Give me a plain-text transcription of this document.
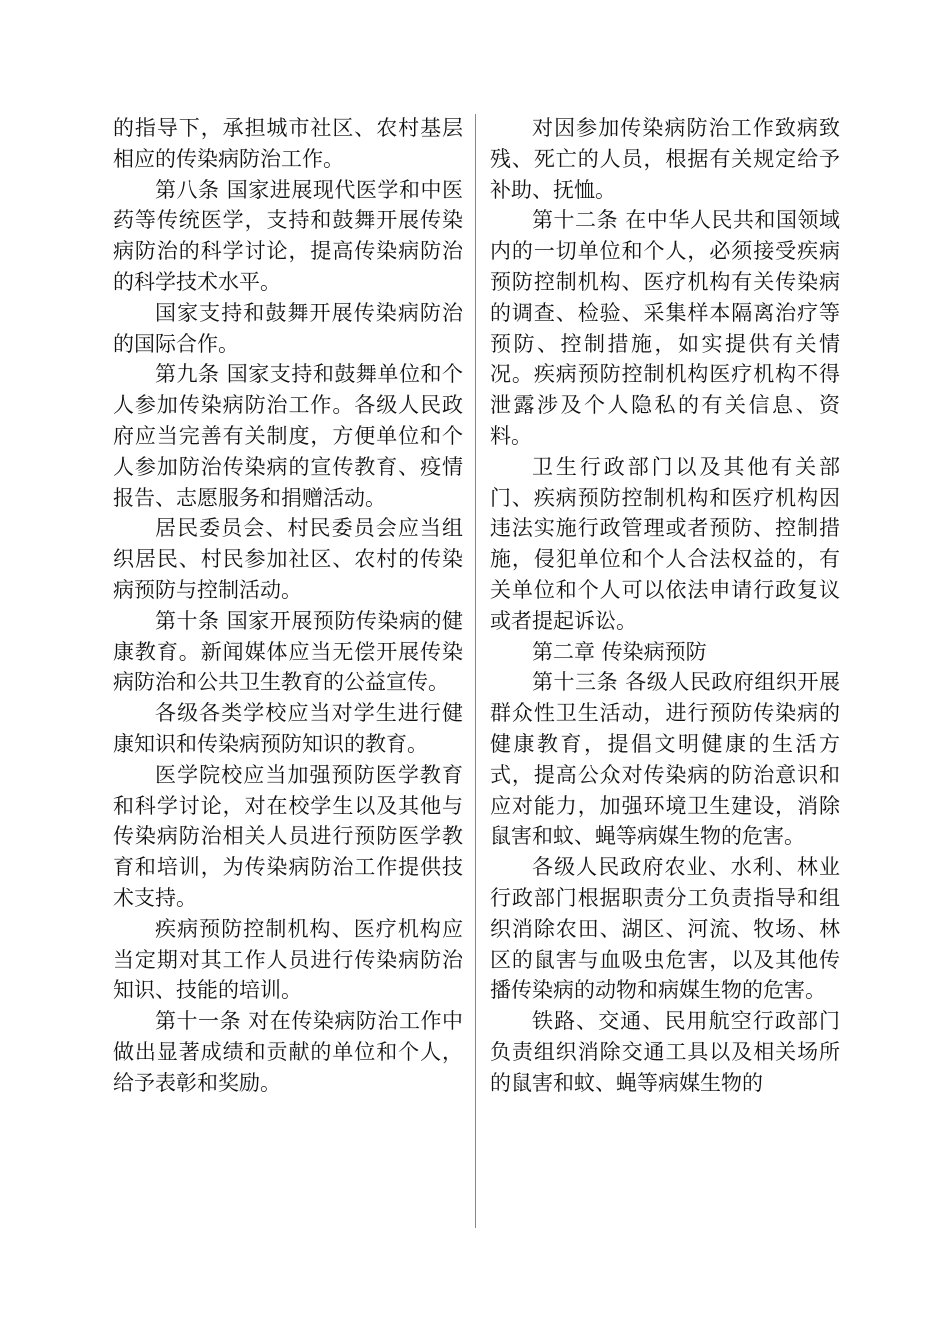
的指导下，承担城市社区、农村基层相应的传染病防治工作。

第八条 国家进展现代医学和中医药等传统医学，支持和鼓舞开展传染病防治的科学讨论，提高传染病防治的科学技术水平。

国家支持和鼓舞开展传染病防治的国际合作。

第九条 国家支持和鼓舞单位和个人参加传染病防治工作。各级人民政府应当完善有关制度，方便单位和个人参加防治传染病的宣传教育、疫情报告、志愿服务和捐赠活动。

居民委员会、村民委员会应当组织居民、村民参加社区、农村的传染病预防与控制活动。

第十条 国家开展预防传染病的健康教育。新闻媒体应当无偿开展传染病防治和公共卫生教育的公益宣传。

各级各类学校应当对学生进行健康知识和传染病预防知识的教育。

医学院校应当加强预防医学教育和科学讨论，对在校学生以及其他与传染病防治相关人员进行预防医学教育和培训，为传染病防治工作提供技术支持。

疾病预防控制机构、医疗机构应当定期对其工作人员进行传染病防治知识、技能的培训。

第十一条 对在传染病防治工作中做出显著成绩和贡献的单位和个人，给予表彰和奖励。

对因参加传染病防治工作致病致残、死亡的人员，根据有关规定给予补助、抚恤。

第十二条 在中华人民共和国领域内的一切单位和个人，必须接受疾病预防控制机构、医疗机构有关传染病的调查、检验、采集样本隔离治疗等预防、控制措施，如实提供有关情况。疾病预防控制机构医疗机构不得泄露涉及个人隐私的有关信息、资料。

卫生行政部门以及其他有关部门、疾病预防控制机构和医疗机构因违法实施行政管理或者预防、控制措施，侵犯单位和个人合法权益的，有关单位和个人可以依法申请行政复议或者提起诉讼。

第二章 传染病预防

第十三条 各级人民政府组织开展群众性卫生活动，进行预防传染病的健康教育，提倡文明健康的生活方式，提高公众对传染病的防治意识和应对能力，加强环境卫生建设，消除鼠害和蚊、蝇等病媒生物的危害。

各级人民政府农业、水利、林业行政部门根据职责分工负责指导和组织消除农田、湖区、河流、牧场、林区的鼠害与血吸虫危害，以及其他传播传染病的动物和病媒生物的危害。

铁路、交通、民用航空行政部门负责组织消除交通工具以及相关场所的鼠害和蚊、蝇等病媒生物的
